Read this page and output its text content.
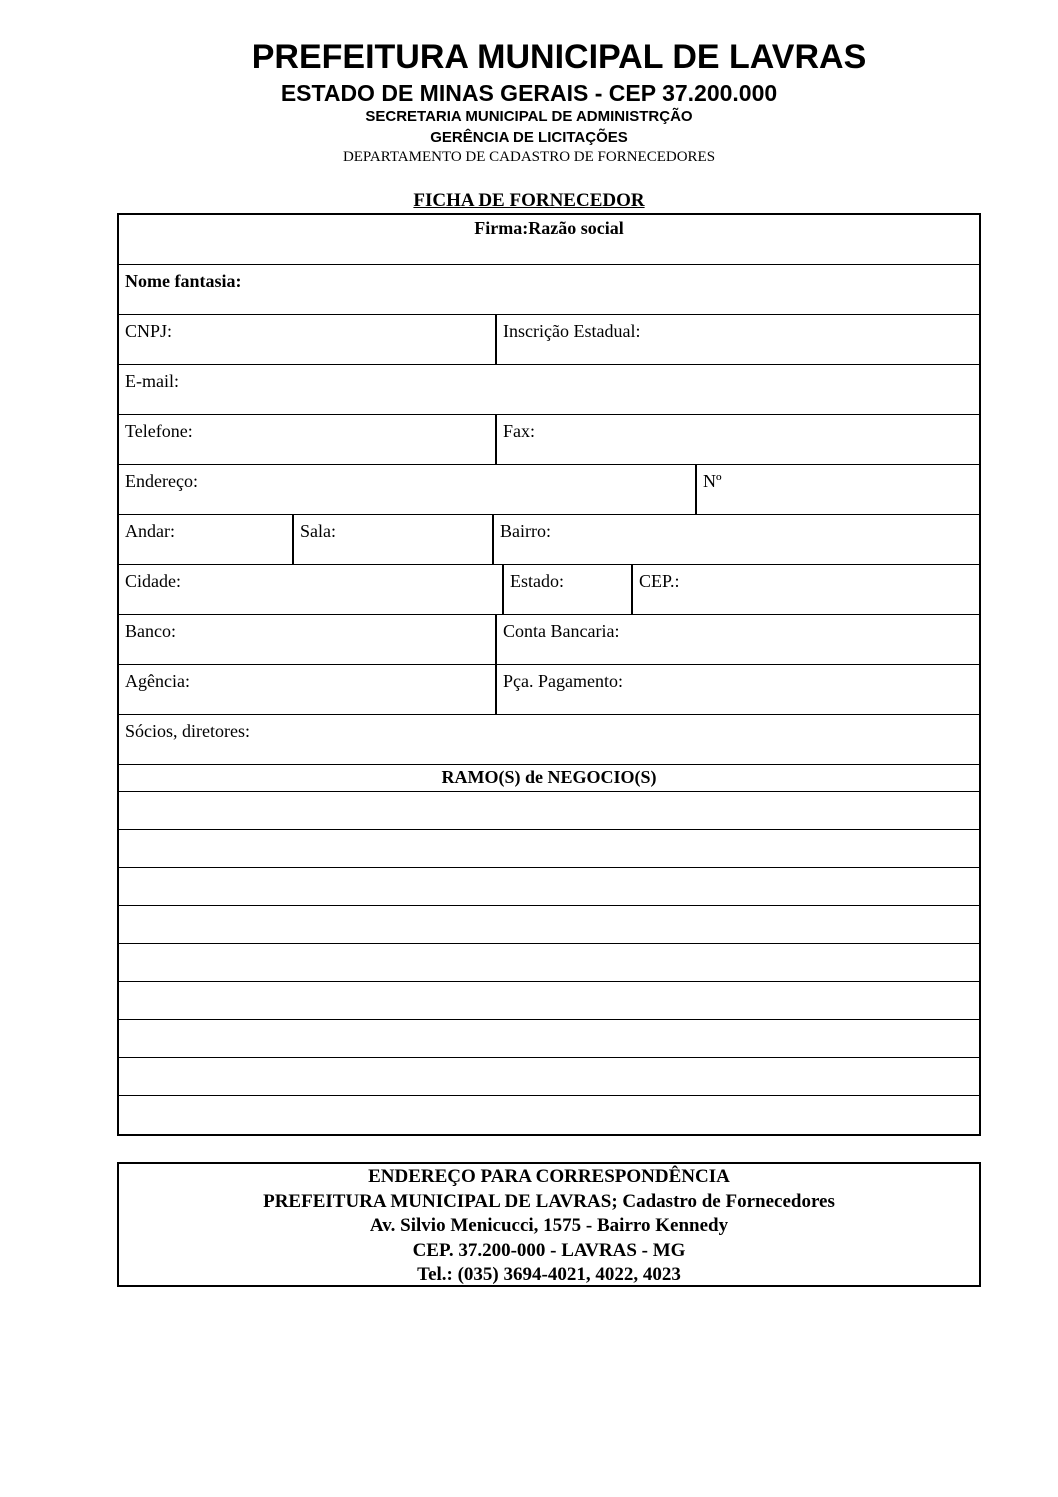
PREFEITURA MUNICIPAL DE LAVRAS
ESTADO DE MINAS GERAIS - CEP 37.200.000
SECRETARIA MUNICIPAL DE ADMINISTRÇÃO
GERÊNCIA DE LICITAÇÕES
DEPARTAMENTO DE CADASTRO DE FORNECEDORES
FICHA DE FORNECEDOR
Firma:Razão social
Nome fantasia:
CNPJ:	Inscrição Estadual:
E-mail:
Telefone:	Fax:
Endereço:	Nº
Andar:	Sala:	Bairro:
Cidade:	Estado:	CEP.:
Banco:	Conta Bancaria:
Agência:	Pça. Pagamento:
Sócios, diretores:
RAMO(S) de NEGOCIO(S)
ENDEREÇO PARA CORRESPONDÊNCIA
PREFEITURA MUNICIPAL DE LAVRAS; Cadastro de Fornecedores
Av. Silvio Menicucci, 1575 - Bairro Kennedy
CEP. 37.200-000 - LAVRAS - MG
Tel.: (035) 3694-4021, 4022, 4023
